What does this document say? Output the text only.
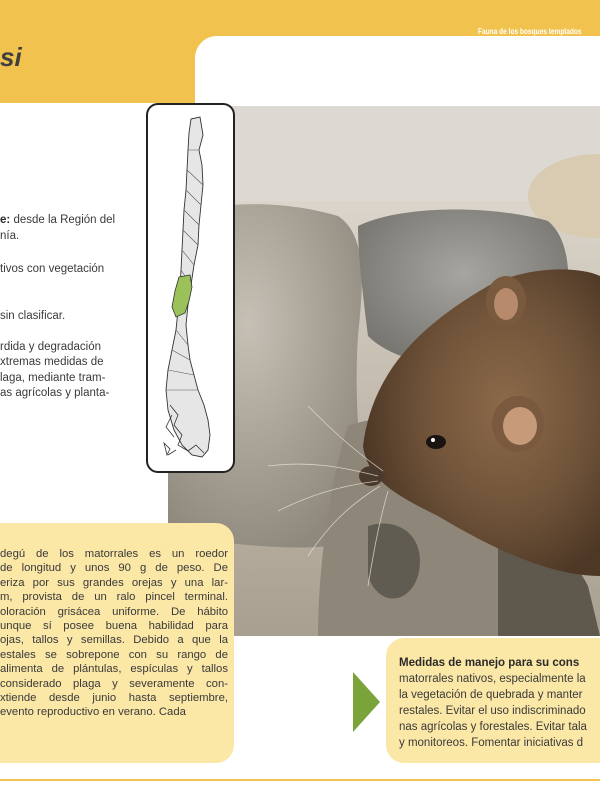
Fauna de los bosques templados
si
e: desde la Región del
nía.
tivos con vegetación
sin clasificar.
rdida y degradación
xtremas medidas de
laga, mediante tram-
as agrícolas y planta-
degú de los matorrales es un roedor
de longitud y unos 90 g de peso. De
eriza por sus grandes orejas y una lar-
m, provista de un ralo pincel terminal.
oloración grisácea uniforme. De hábito
unque sí posee buena habilidad para
ojas, tallos y semillas. Debido a que la
estales se sobrepone con su rango de
alimenta de plántulas, espículas y tallos
considerado plaga y severamente con-
xtiende desde junio hasta septiembre,
evento reproductivo en verano. Cada
Medidas de manejo para su cons
matorrales nativos, especialmente la
la vegetación de quebrada y manter
restales. Evitar el uso indiscriminado
nas agrícolas y forestales. Evitar tala
y monitoreos. Fomentar iniciativas d
